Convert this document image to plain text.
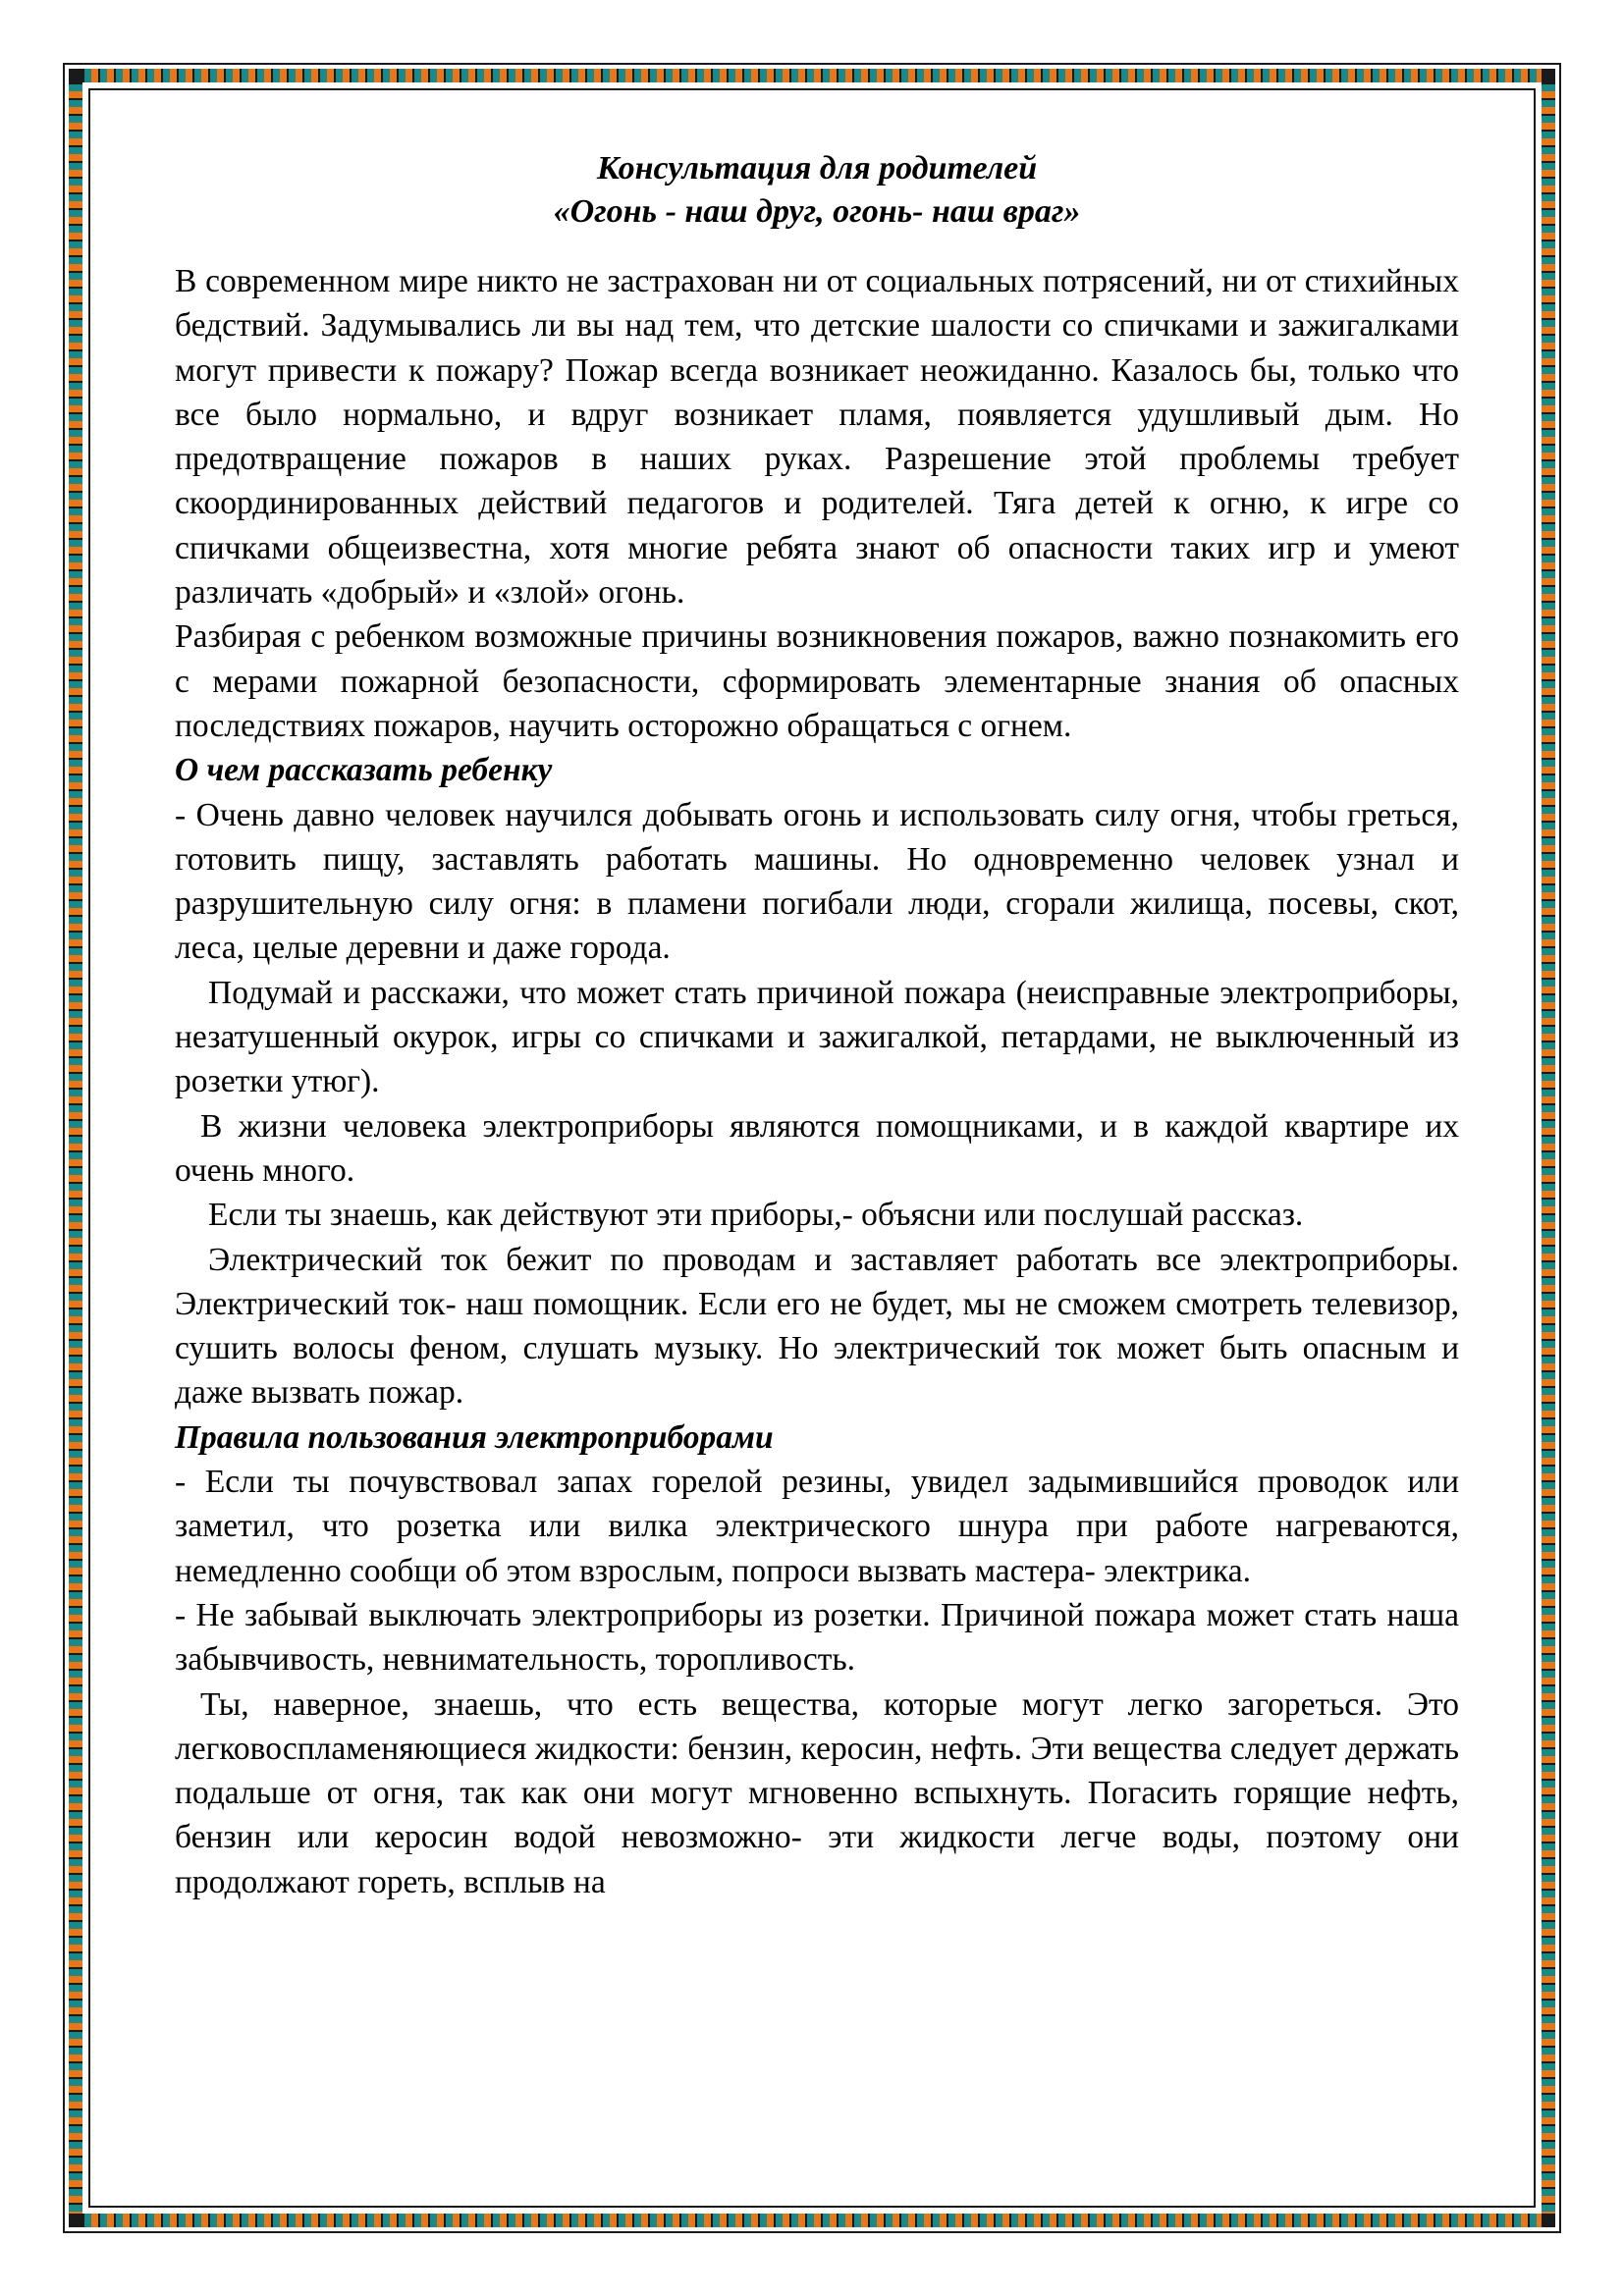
Консультация для родителей

«Огонь - наш друг, огонь- наш враг»

В современном мире никто не застрахован ни от социальных потрясений, ни от стихийных бедствий. Задумывались ли вы над тем, что детские шалости со спичками и зажигалками могут привести к пожару? Пожар всегда возникает неожиданно. Казалось бы, только что все было нормально, и вдруг возникает пламя, появляется удушливый дым. Но предотвращение пожаров в наших руках. Разрешение этой проблемы требует скоординированных действий педагогов и родителей. Тяга детей к огню, к игре со спичками общеизвестна, хотя многие ребята знают об опасности таких игр и умеют различать «добрый» и «злой» огонь.

Разбирая с ребенком возможные причины возникновения пожаров, важно познакомить его с мерами пожарной безопасности, сформировать элементарные знания об опасных последствиях пожаров, научить осторожно обращаться с огнем.

О чем рассказать ребенку

- Очень давно человек научился добывать огонь и использовать силу огня, чтобы греться, готовить пищу, заставлять работать машины. Но одновременно человек узнал и разрушительную силу огня: в пламени погибали люди, сгорали жилища, посевы, скот, леса, целые деревни и даже города.

Подумай и расскажи, что может стать причиной пожара (неисправные электроприборы, незатушенный окурок, игры со спичками и зажигалкой, петардами, не выключенный из розетки утюг).

В жизни человека электроприборы являются помощниками, и в каждой квартире их очень много.

Если ты знаешь, как действуют эти приборы,- объясни или послушай рассказ.

Электрический ток бежит по проводам и заставляет работать все электроприборы. Электрический ток- наш помощник. Если его не будет, мы не сможем смотреть телевизор, сушить волосы феном, слушать музыку. Но электрический ток может быть опасным и даже вызвать пожар.

Правила пользования электроприборами

- Если ты почувствовал запах горелой резины, увидел задымившийся проводок или заметил, что розетка или вилка электрического шнура при работе нагреваются, немедленно сообщи об этом взрослым, попроси вызвать мастера- электрика.

- Не забывай выключать электроприборы из розетки. Причиной пожара может стать наша забывчивость, невнимательность, торопливость.

Ты, наверное, знаешь, что есть вещества, которые могут легко загореться. Это легковоспламеняющиеся жидкости: бензин, керосин, нефть. Эти вещества следует держать подальше от огня, так как они могут мгновенно вспыхнуть. Погасить горящие нефть, бензин или керосин водой невозможно- эти жидкости легче воды, поэтому они продолжают гореть, всплыв на
